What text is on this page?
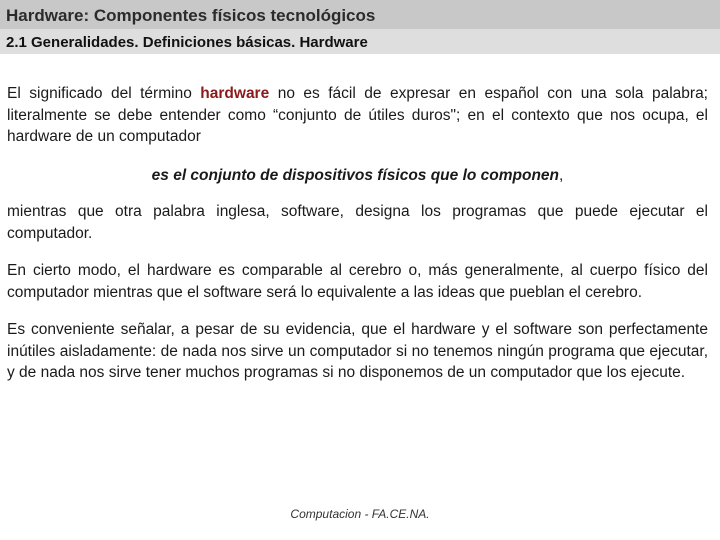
Hardware: Componentes físicos tecnológicos
2.1 Generalidades. Definiciones básicas. Hardware

El significado del término hardware no es fácil de expresar en español con una sola palabra; literalmente se debe entender como “conjunto de útiles duros"; en el contexto que nos ocupa, el hardware de un computador

es el conjunto de dispositivos físicos que lo componen,

mientras que otra palabra inglesa, software, designa los programas que puede ejecutar el computador.

En cierto modo, el hardware es comparable al cerebro o, más generalmente, al cuerpo físico del computador mientras que el software será lo equivalente a las ideas que pueblan el cerebro.

Es conveniente señalar, a pesar de su evidencia, que el hardware y el software son perfectamente inútiles aisladamente: de nada nos sirve un computador si no tenemos ningún programa que ejecutar, y de nada nos sirve tener muchos programas si no disponemos de un computador que los ejecute.

Computacion - FA.CE.NA.
